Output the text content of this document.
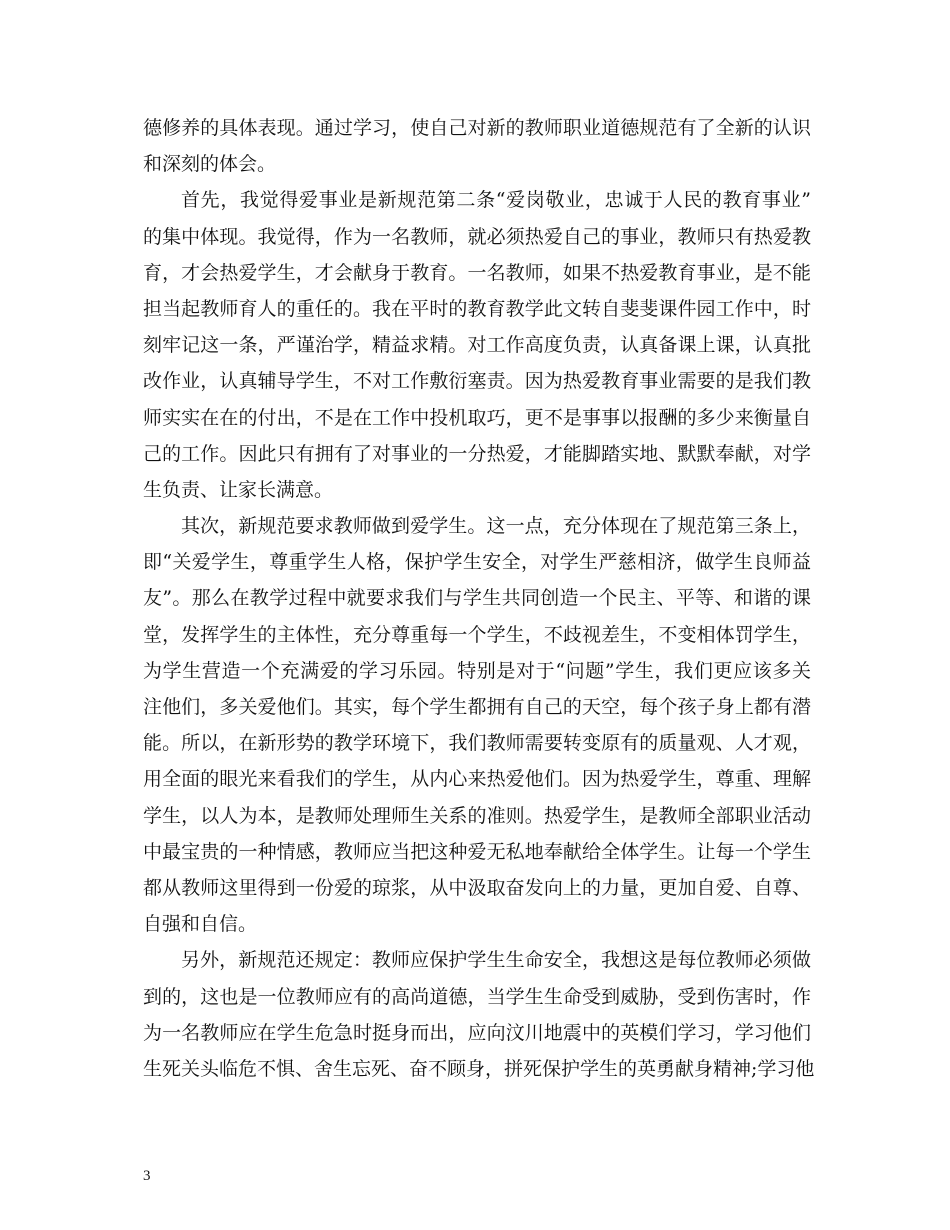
德修养的具体表现。通过学习，使自己对新的教师职业道德规范有了全新的认识
和深刻的体会。
首先，我觉得爱事业是新规范第二条“爱岗敬业，忠诚于人民的教育事业”
的集中体现。我觉得，作为一名教师，就必须热爱自己的事业，教师只有热爱教
育，才会热爱学生，才会献身于教育。一名教师，如果不热爱教育事业，是不能
担当起教师育人的重任的。我在平时的教育教学此文转自斐斐课件园工作中，时
刻牢记这一条，严谨治学，精益求精。对工作高度负责，认真备课上课，认真批
改作业，认真辅导学生，不对工作敷衍塞责。因为热爱教育事业需要的是我们教
师实实在在的付出，不是在工作中投机取巧，更不是事事以报酬的多少来衡量自
己的工作。因此只有拥有了对事业的一分热爱，才能脚踏实地、默默奉献，对学
生负责、让家长满意。
其次，新规范要求教师做到爱学生。这一点，充分体现在了规范第三条上，
即“关爱学生，尊重学生人格，保护学生安全，对学生严慈相济，做学生良师益
友”。那么在教学过程中就要求我们与学生共同创造一个民主、平等、和谐的课
堂，发挥学生的主体性，充分尊重每一个学生，不歧视差生，不变相体罚学生，
为学生营造一个充满爱的学习乐园。特别是对于“问题”学生，我们更应该多关
注他们，多关爱他们。其实，每个学生都拥有自己的天空，每个孩子身上都有潜
能。所以，在新形势的教学环境下，我们教师需要转变原有的质量观、人才观，
用全面的眼光来看我们的学生，从内心来热爱他们。因为热爱学生，尊重、理解
学生，以人为本，是教师处理师生关系的准则。热爱学生，是教师全部职业活动
中最宝贵的一种情感，教师应当把这种爱无私地奉献给全体学生。让每一个学生
都从教师这里得到一份爱的琼浆，从中汲取奋发向上的力量，更加自爱、自尊、
自强和自信。
另外，新规范还规定：教师应保护学生生命安全，我想这是每位教师必须做
到的，这也是一位教师应有的高尚道德，当学生生命受到威胁，受到伤害时，作
为一名教师应在学生危急时挺身而出，应向汶川地震中的英模们学习，学习他们
生死关头临危不惧、舍生忘死、奋不顾身，拼死保护学生的英勇献身精神;学习他
3
